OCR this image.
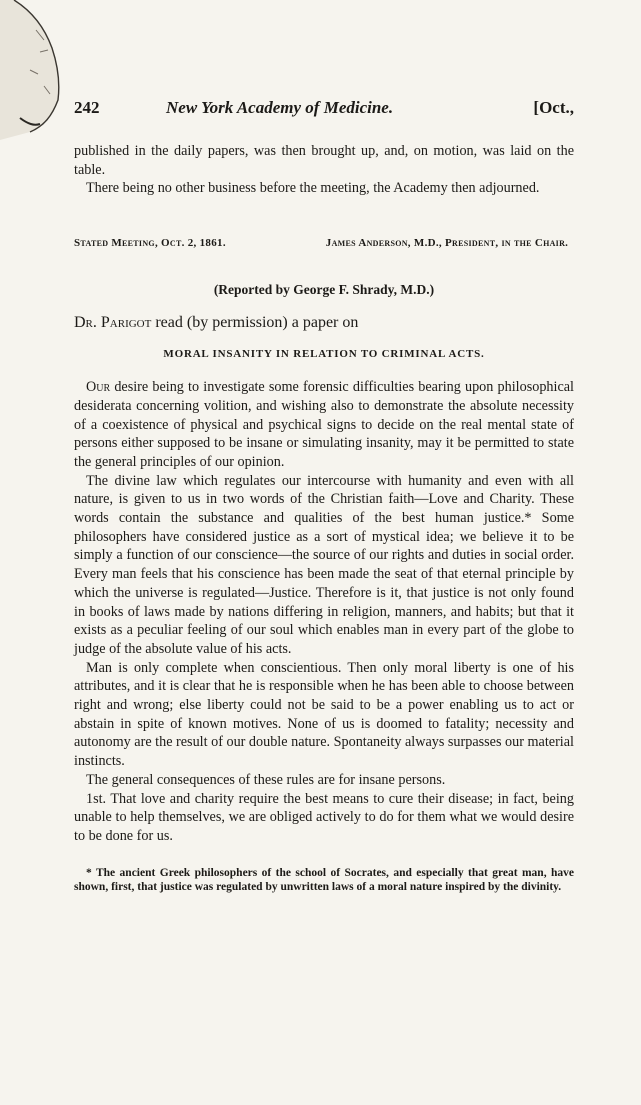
242	New York Academy of Medicine.	[Oct.,

published in the daily papers, was then brought up, and, on motion, was laid on the table.

There being no other business before the meeting, the Academy then adjourned.

Stated Meeting, Oct. 2, 1861.	James Anderson, M.D., President, in the Chair.
(Reported by George F. Shrady, M.D.)
Dr. Parigot read (by permission) a paper on
MORAL INSANITY IN RELATION TO CRIMINAL ACTS.

Our desire being to investigate some forensic difficulties bearing upon philosophical desiderata concerning volition, and wishing also to demonstrate the absolute necessity of a coexistence of physical and psychical signs to decide on the real mental state of persons either supposed to be insane or simulating insanity, may it be permitted to state the general principles of our opinion.

The divine law which regulates our intercourse with humanity and even with all nature, is given to us in two words of the Christian faith—Love and Charity. These words contain the substance and qualities of the best human justice.* Some philosophers have considered justice as a sort of mystical idea; we believe it to be simply a function of our conscience—the source of our rights and duties in social order. Every man feels that his conscience has been made the seat of that eternal principle by which the universe is regulated—Justice. Therefore is it, that justice is not only found in books of laws made by nations differing in religion, manners, and habits; but that it exists as a peculiar feeling of our soul which enables man in every part of the globe to judge of the absolute value of his acts.

Man is only complete when conscientious. Then only moral liberty is one of his attributes, and it is clear that he is responsible when he has been able to choose between right and wrong; else liberty could not be said to be a power enabling us to act or abstain in spite of known motives. None of us is doomed to fatality; necessity and autonomy are the result of our double nature. Spontaneity always surpasses our material instincts.

The general consequences of these rules are for insane persons.

1st. That love and charity require the best means to cure their disease; in fact, being unable to help themselves, we are obliged actively to do for them what we would desire to be done for us.

* The ancient Greek philosophers of the school of Socrates, and especially that great man, have shown, first, that justice was regulated by unwritten laws of a moral nature inspired by the divinity.
